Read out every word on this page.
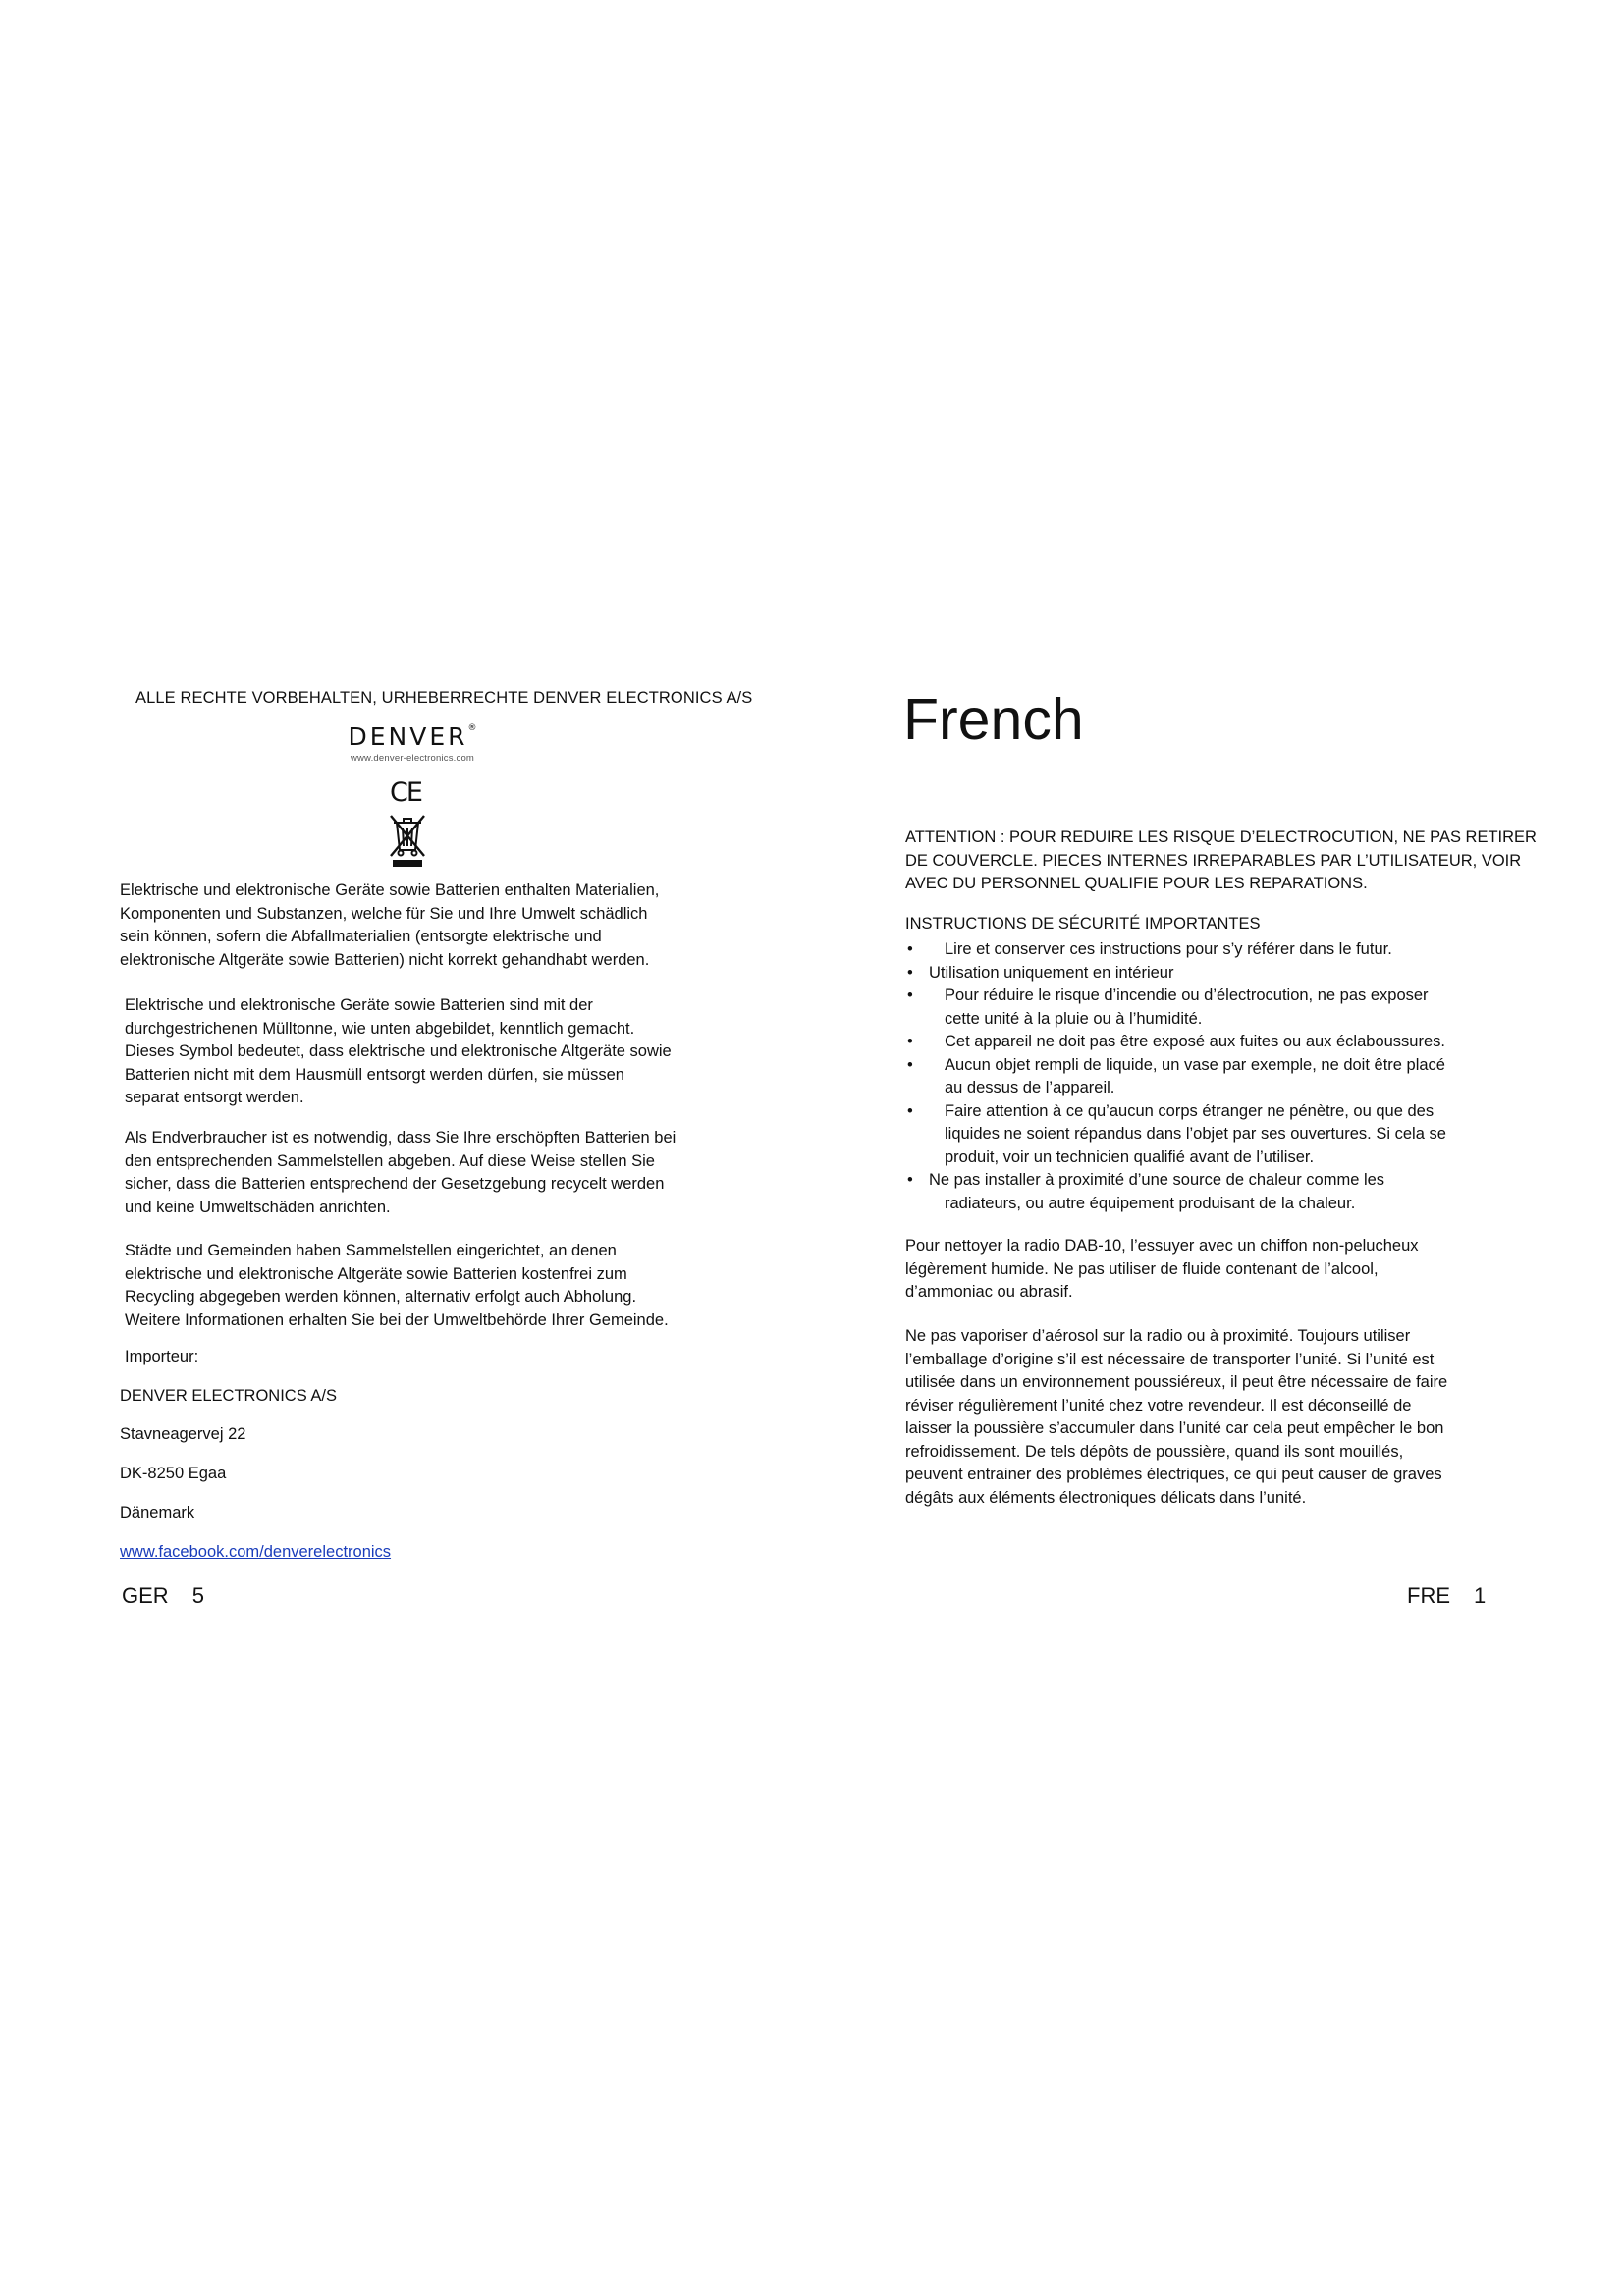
ALLE RECHTE VORBEHALTEN, URHEBERRECHTE DENVER ELECTRONICS A/S
DENVER®
www.denver-electronics.com
CE
Elektrische und elektronische Geräte sowie Batterien enthalten Materialien,
Komponenten und Substanzen, welche für Sie und Ihre Umwelt schädlich
sein können, sofern die Abfallmaterialien (entsorgte elektrische und
elektronische Altgeräte sowie Batterien) nicht korrekt gehandhabt werden.
Elektrische und elektronische Geräte sowie Batterien sind mit der
durchgestrichenen Mülltonne, wie unten abgebildet, kenntlich gemacht.
Dieses Symbol bedeutet, dass elektrische und elektronische Altgeräte sowie
Batterien nicht mit dem Hausmüll entsorgt werden dürfen, sie müssen
separat entsorgt werden.
Als Endverbraucher ist es notwendig, dass Sie Ihre erschöpften Batterien bei
den entsprechenden Sammelstellen abgeben. Auf diese Weise stellen Sie
sicher, dass die Batterien entsprechend der Gesetzgebung recycelt werden
und keine Umweltschäden anrichten.
Städte und Gemeinden haben Sammelstellen eingerichtet, an denen
elektrische und elektronische Altgeräte sowie Batterien kostenfrei zum
Recycling abgegeben werden können, alternativ erfolgt auch Abholung.
Weitere Informationen erhalten Sie bei der Umweltbehörde Ihrer Gemeinde.
Importeur:
DENVER ELECTRONICS A/S
Stavneagervej 22
DK-8250 Egaa
Dänemark
www.facebook.com/denverelectronics
GER 5
French
ATTENTION : POUR REDUIRE LES RISQUE D’ELECTROCUTION, NE PAS RETIRER
DE COUVERCLE. PIECES INTERNES IRREPARABLES PAR L’UTILISATEUR, VOIR
AVEC DU PERSONNEL QUALIFIE POUR LES REPARATIONS.
INSTRUCTIONS DE SÉCURITÉ IMPORTANTES
•	Lire et conserver ces instructions pour s’y référer dans le futur.
• Utilisation uniquement en intérieur
• Pour réduire le risque d’incendie ou d’électrocution, ne pas exposer
cette unité à la pluie ou à l’humidité.
•	Cet appareil ne doit pas être exposé aux fuites ou aux éclaboussures.
• Aucun objet rempli de liquide, un vase par exemple, ne doit être placé
au dessus de l’appareil.
• Faire attention à ce qu’aucun corps étranger ne pénètre, ou que des
liquides ne soient répandus dans l’objet par ses ouvertures. Si cela se
produit, voir un technicien qualifié avant de l’utiliser.
• Ne pas installer à proximité d’une source de chaleur comme les
radiateurs, ou autre équipement produisant de la chaleur.
Pour nettoyer la radio DAB-10, l’essuyer avec un chiffon non-pelucheux
légèrement humide. Ne pas utiliser de fluide contenant de l’alcool,
d’ammoniac ou abrasif.
Ne pas vaporiser d’aérosol sur la radio ou à proximité. Toujours utiliser
l’emballage d’origine s’il est nécessaire de transporter l’unité. Si l’unité est
utilisée dans un environnement poussiéreux, il peut être nécessaire de faire
réviser régulièrement l’unité chez votre revendeur. Il est déconseillé de
laisser la poussière s’accumuler dans l’unité car cela peut empêcher le bon
refroidissement. De tels dépôts de poussière, quand ils sont mouillés,
peuvent entrainer des problèmes électriques, ce qui peut causer de graves
dégâts aux éléments électroniques délicats dans l’unité.
FRE 1
